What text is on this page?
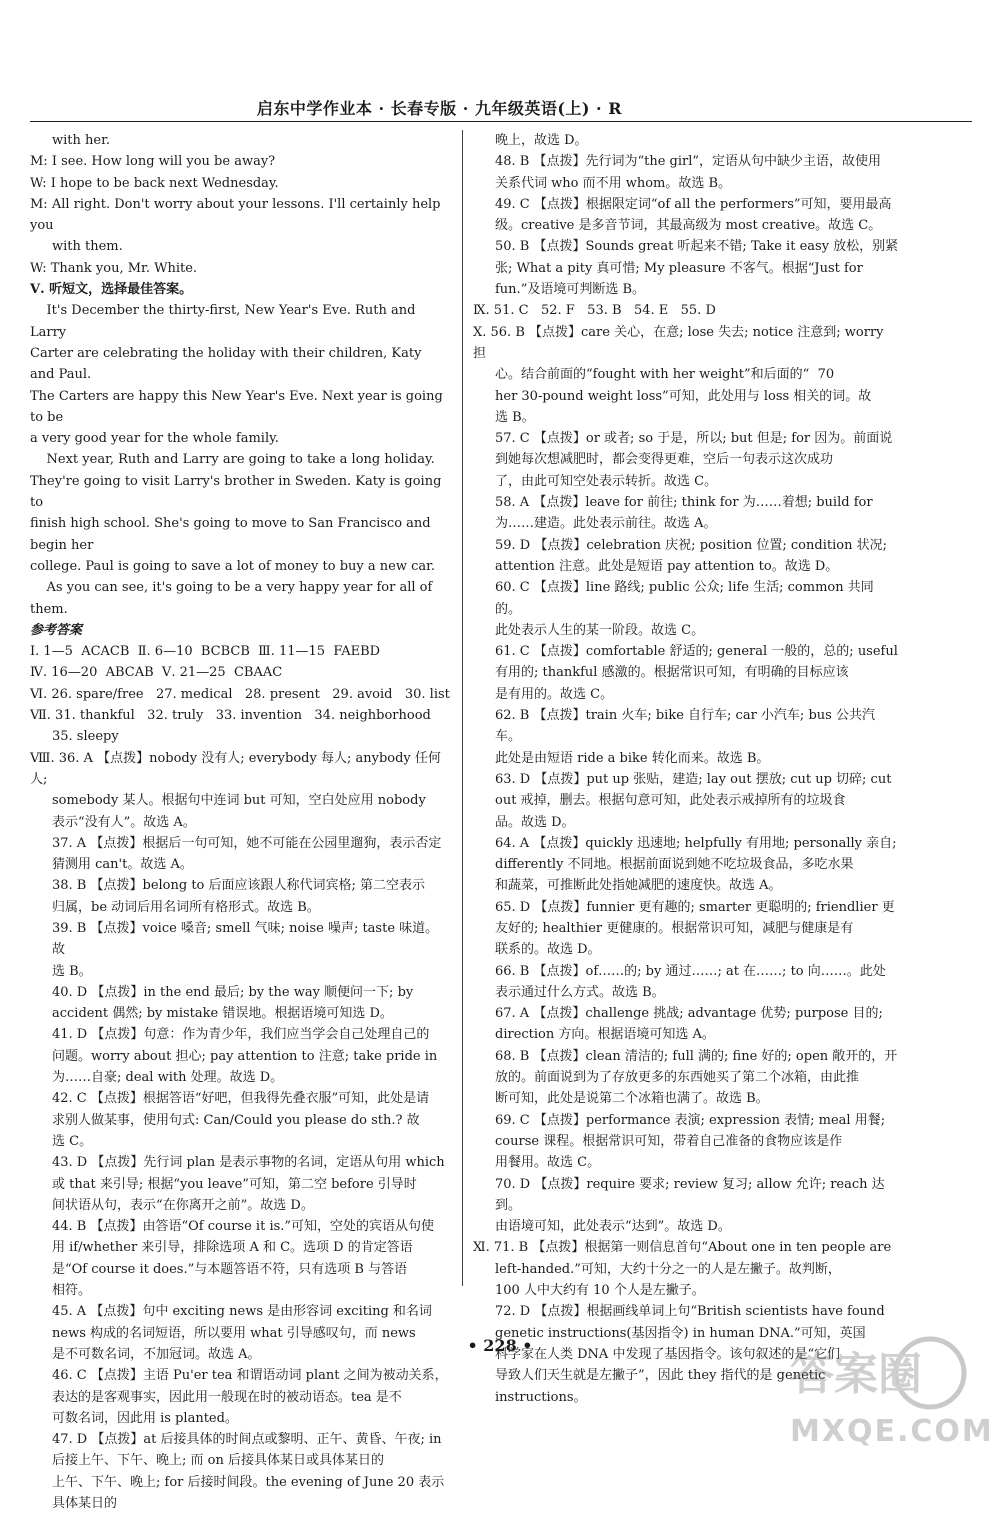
启东中学作业本 · 长春专版 · 九年级英语(上) · R
with her.
M: I see. How long will you be away?
W: I hope to be back next Wednesday.
M: All right. Don't worry about your lessons. I'll certainly help you
with them.
W: Thank you, Mr. White.
Ⅴ. 听短文，选择最佳答案。
It's December the thirty-first, New Year's Eve. Ruth and Larry
Carter are celebrating the holiday with their children, Katy and Paul.
The Carters are happy this New Year's Eve. Next year is going to be
a very good year for the whole family.
Next year, Ruth and Larry are going to take a long holiday.
They're going to visit Larry's brother in Sweden. Katy is going to
finish high school. She's going to move to San Francisco and begin her
college. Paul is going to save a lot of money to buy a new car.
As you can see, it's going to be a very happy year for all of
them.
参考答案
Ⅰ. 1—5  ACACB  Ⅱ. 6—10  BCBCB  Ⅲ. 11—15  FAEBD
Ⅳ. 16—20  ABCAB  Ⅴ. 21—25  CBAAC
Ⅵ. 26. spare/free   27. medical   28. present   29. avoid   30. list
Ⅶ. 31. thankful   32. truly   33. invention   34. neighborhood
35. sleepy
Ⅷ. 36. A 【点拨】nobody 没有人; everybody 每人; anybody 任何人;
somebody 某人。根据句中连词 but 可知，空白处应用 nobody
表示“没有人”。故选 A。
37. A 【点拨】根据后一句可知，她不可能在公园里遛狗，表示否定
猜测用 can't。故选 A。
38. B 【点拨】belong to 后面应该跟人称代词宾格; 第二空表示
归属，be 动词后用名词所有格形式。故选 B。
39. B 【点拨】voice 嗓音; smell 气味; noise 噪声; taste 味道。故
选 B。
40. D 【点拨】in the end 最后; by the way 顺便问一下; by
accident 偶然; by mistake 错误地。根据语境可知选 D。
41. D 【点拨】句意：作为青少年，我们应当学会自己处理自己的
问题。worry about 担心; pay attention to 注意; take pride in
为……自豪; deal with 处理。故选 D。
42. C 【点拨】根据答语“好吧，但我得先叠衣服”可知，此处是请
求别人做某事，使用句式: Can/Could you please do sth.? 故
选 C。
43. D 【点拨】先行词 plan 是表示事物的名词，定语从句用 which
或 that 来引导; 根据“you leave”可知，第二空 before 引导时
间状语从句，表示“在你离开之前”。故选 D。
44. B 【点拨】由答语“Of course it is.”可知，空处的宾语从句使
用 if/whether 来引导，排除选项 A 和 C。选项 D 的肯定答语
是“Of course it does.”与本题答语不符，只有选项 B 与答语
相符。
45. A 【点拨】句中 exciting news 是由形容词 exciting 和名词
news 构成的名词短语，所以要用 what 引导感叹句，而 news
是不可数名词，不加冠词。故选 A。
46. C 【点拨】主语 Pu'er tea 和谓语动词 plant 之间为被动关系，
表达的是客观事实，因此用一般现在时的被动语态。tea 是不
可数名词，因此用 is planted。
47. D 【点拨】at 后接具体的时间点或黎明、正午、黄昏、午夜; in
后接上午、下午、晚上; 而 on 后接具体某日或具体某日的
上午、下午、晚上; for 后接时间段。the evening of June 20 表示具体某日的
晚上，故选 D。
48. B 【点拨】先行词为“the girl”，定语从句中缺少主语，故使用
关系代词 who 而不用 whom。故选 B。
49. C 【点拨】根据限定词“of all the performers”可知，要用最高
级。creative 是多音节词，其最高级为 most creative。故选 C。
50. B 【点拨】Sounds great 听起来不错; Take it easy 放松，别紧
张; What a pity 真可惜; My pleasure 不客气。根据“Just for
fun.”及语境可判断选 B。
Ⅸ. 51. C   52. F   53. B   54. E   55. D
Ⅹ. 56. B 【点拨】care 关心，在意; lose 失去; notice 注意到; worry 担
心。结合前面的“fought with her weight”和后面的“  70
her 30-pound weight loss”可知，此处用与 loss 相关的词。故
选 B。
57. C 【点拨】or 或者; so 于是，所以; but 但是; for 因为。前面说
到她每次想减肥时，都会变得更难，空后一句表示这次成功
了，由此可知空处表示转折。故选 C。
58. A 【点拨】leave for 前往; think for 为……着想; build for
为……建造。此处表示前往。故选 A。
59. D 【点拨】celebration 庆祝; position 位置; condition 状况;
attention 注意。此处是短语 pay attention to。故选 D。
60. C 【点拨】line 路线; public 公众; life 生活; common 共同的。
此处表示人生的某一阶段。故选 C。
61. C 【点拨】comfortable 舒适的; general 一般的，总的; useful
有用的; thankful 感激的。根据常识可知，有明确的目标应该
是有用的。故选 C。
62. B 【点拨】train 火车; bike 自行车; car 小汽车; bus 公共汽车。
此处是由短语 ride a bike 转化而来。故选 B。
63. D 【点拨】put up 张贴，建造; lay out 摆放; cut up 切碎; cut
out 戒掉，删去。根据句意可知，此处表示戒掉所有的垃圾食
品。故选 D。
64. A 【点拨】quickly 迅速地; helpfully 有用地; personally 亲自;
differently 不同地。根据前面说到她不吃垃圾食品，多吃水果
和蔬菜，可推断此处指她减肥的速度快。故选 A。
65. D 【点拨】funnier 更有趣的; smarter 更聪明的; friendlier 更
友好的; healthier 更健康的。根据常识可知，减肥与健康是有
联系的。故选 D。
66. B 【点拨】of……的; by 通过……; at 在……; to 向……。此处
表示通过什么方式。故选 B。
67. A 【点拨】challenge 挑战; advantage 优势; purpose 目的;
direction 方向。根据语境可知选 A。
68. B 【点拨】clean 清洁的; full 满的; fine 好的; open 敞开的，开
放的。前面说到为了存放更多的东西她买了第二个冰箱，由此推
断可知，此处是说第二个冰箱也满了。故选 B。
69. C 【点拨】performance 表演; expression 表情; meal 用餐;
course 课程。根据常识可知，带着自己准备的食物应该是作
用餐用。故选 C。
70. D 【点拨】require 要求; review 复习; allow 允许; reach 达到。
由语境可知，此处表示“达到”。故选 D。
Ⅺ. 71. B 【点拨】根据第一则信息首句“About one in ten people are
left-handed.”可知，大约十分之一的人是左撇子。故判断，
100 人中大约有 10 个人是左撇子。
72. D 【点拨】根据画线单词上句“British scientists have found
genetic instructions(基因指令) in human DNA.”可知，英国
科学家在人类 DNA 中发现了基因指令。该句叙述的是“它们
导致人们天生就是左撇子”，因此 they 指代的是 genetic
instructions。
• 228 •
答案圈
MXQE.COM
